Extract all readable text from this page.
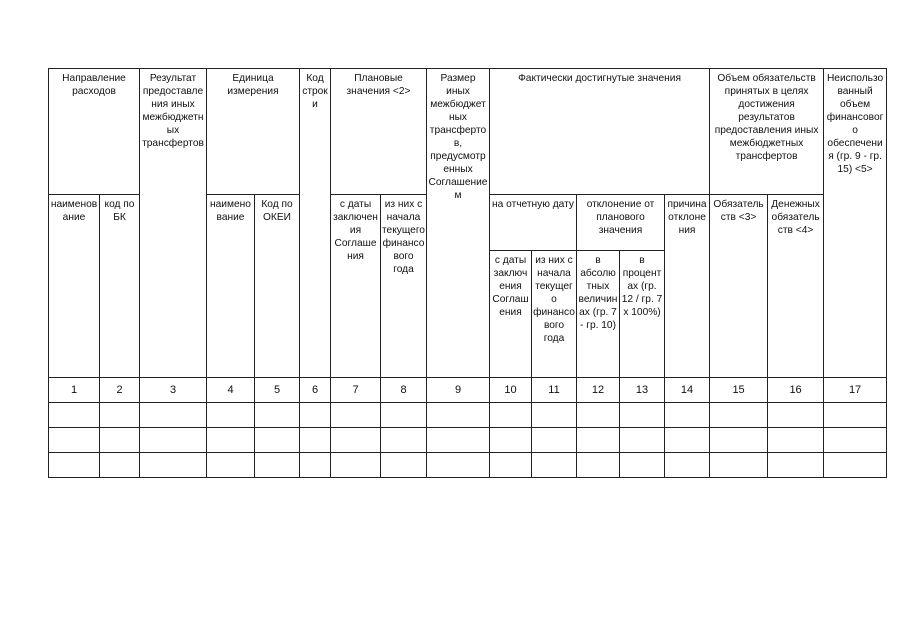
Направление расходов		Результат предоставления иных межбюджетных трансфертов	Единица измерения		Код строки	Плановые значения <2>		Размер иных межбюджетных трансфертов, предусмотренных Соглашением	Фактически достигнутые значения					Объем обязательств принятых в целях достижения результатов предоставления иных межбюджетных трансфертов		Неиспользованный объем финансового обеспечения (гр. 9 - гр. 15) <5>
наименование	код по БК		наименование	Код по ОКЕИ		с даты заключения Соглашения	из них с начала текущего финансового года		на отчетную дату		отклонение от планового значения		причина отклонения	Обязательств <3>	Денежных обязательств <4>	
									с даты заключения Соглашения	из них с начала текущего финансового года	в абсолютных величинах (гр. 7 - гр. 10)	в процентах (гр. 12 / гр. 7 х 100%)				
1	2	3	4	5	6	7	8	9	10	11	12	13	14	15	16	17
